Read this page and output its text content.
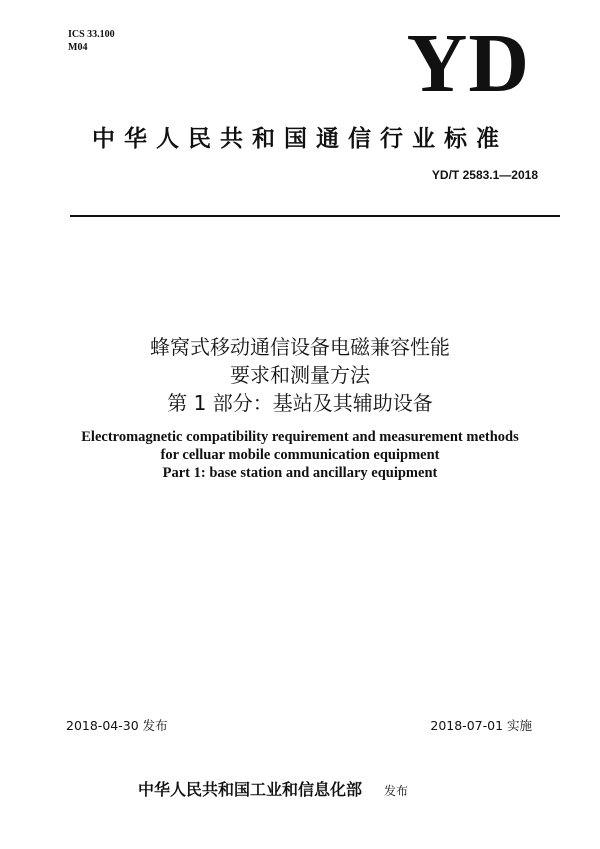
ICS 33.100
M04	YD
中华人民共和国通信行业标准
YD/T 2583.1—2018
蜂窝式移动通信设备电磁兼容性能
要求和测量方法
第 1 部分：基站及其辅助设备
Electromagnetic compatibility requirement and measurement methods
for celluar mobile communication equipment
Part 1: base station and ancillary equipment
2018-04-30 发布	2018-07-01 实施
中华人民共和国工业和信息化部 发布
